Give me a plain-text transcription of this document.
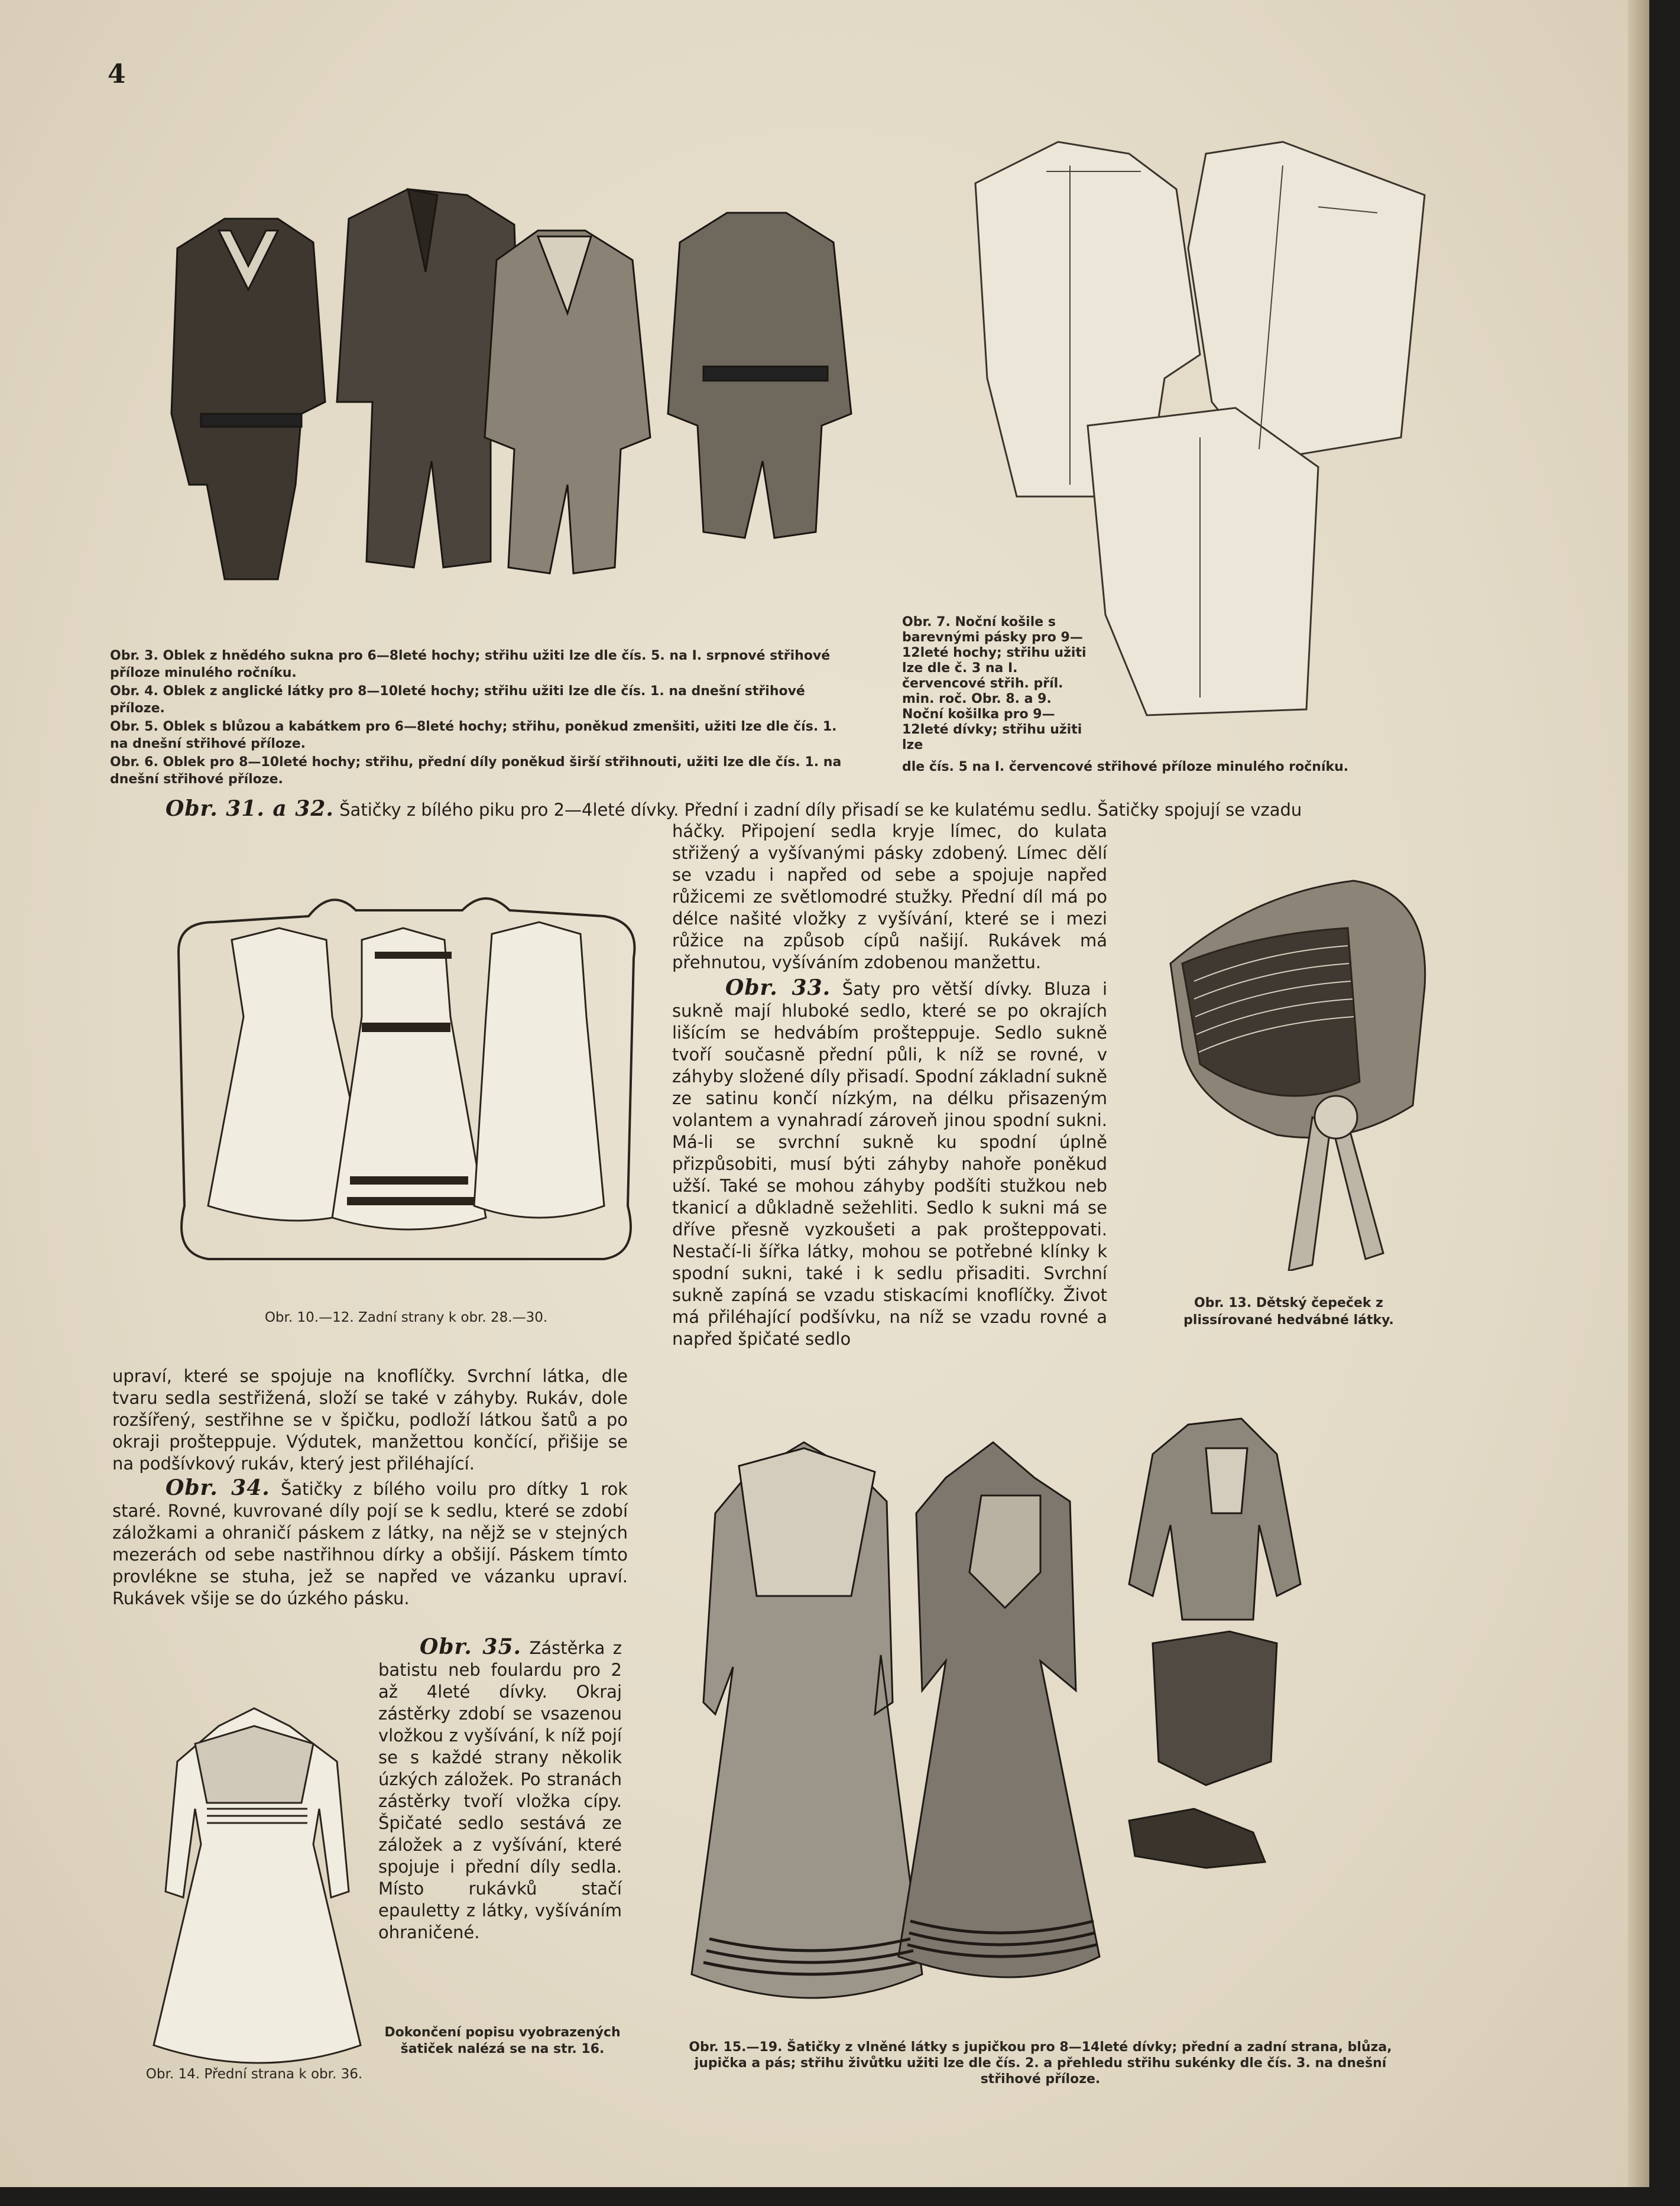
4

Obr. 3. Oblek z hnědého sukna pro 6—8leté hochy; střihu užiti lze dle čís. 5. na I. srpnové střihové příloze minulého ročníku.

Obr. 4. Oblek z anglické látky pro 8—10leté hochy; střihu užiti lze dle čís. 1. na dnešní střihové příloze.

Obr. 5. Oblek s blůzou a kabátkem pro 6—8leté hochy; střihu, poněkud zmenšiti, užiti lze dle čís. 1. na dnešní střihové příloze.

Obr. 6. Oblek pro 8—10leté hochy; střihu, přední díly poněkud širší střihnouti, užiti lze dle čís. 1. na dnešní střihové příloze.

Obr. 7. Noční košile s barevnými pásky pro 9—12leté hochy; střihu užiti lze dle č. 3 na I. červencové střih. příl. min. roč. Obr. 8. a 9. Noční košilka pro 9—12leté dívky; střihu užiti lze
dle čís. 5 na I. červencové střihové příloze minulého ročníku.
Obr. 31. a 32. Šatičky z bílého piku pro 2—4leté dívky. Přední i zadní díly přisadí se ke kulatému sedlu. Šatičky spojují se vzadu
Obr. 10.—12. Zadní strany k obr. 28.—30.

háčky. Připojení sedla kryje límec, do kulata střižený a vyšívanými pásky zdobený. Límec dělí se vzadu i napřed od sebe a spojuje napřed růžicemi ze světlomodré stužky. Přední díl má po délce našité vložky z vyšívání, které se i mezi růžice na způsob cípů našijí. Rukávek má přehnutou, vyšíváním zdobenou manžettu.

Obr. 33. Šaty pro větší dívky. Bluza i sukně mají hluboké sedlo, které se po okrajích lišícím se hedvábím prošteppuje. Sedlo sukně tvoří současně přední půli, k níž se rovné, v záhyby složené díly přisadí. Spodní základní sukně ze satinu končí nízkým, na délku přisazeným volantem a vynahradí zároveň jinou spodní sukni. Má-li se svrchní sukně ku spodní úplně přizpůsobiti, musí býti záhyby nahoře poněkud užší. Také se mohou záhyby podšíti stužkou neb tkanicí a důkladně sežehliti. Sedlo k sukni má se dříve přesně vyzkoušeti a pak prošteppovati. Nestačí-li šířka látky, mohou se potřebné klínky k spodní sukni, také i k sedlu přisaditi. Svrchní sukně zapíná se vzadu stiskacími knoflíčky. Život má přiléhající podšívku, na níž se vzadu rovné a napřed špičaté sedlo

Obr. 13. Dětský čepeček z plissírované hedvábné látky.

upraví, které se spojuje na knoflíčky. Svrchní látka, dle tvaru sedla sestřižená, složí se také v záhyby. Rukáv, dole rozšířený, sestřihne se v špičku, podloží látkou šatů a po okraji prošteppuje. Výdutek, manžettou končící, přišije se na podšívkový rukáv, který jest přiléhající.

Obr. 34. Šatičky z bílého voilu pro dítky 1 rok staré. Rovné, kuvrované díly pojí se k sedlu, které se zdobí záložkami a ohraničí páskem z látky, na nějž se v stejných mezerách od sebe nastřihnou dírky a obšijí. Páskem tímto provlékne se stuha, jež se napřed ve vázanku upraví. Rukávek všije se do úzkého pásku.

Obr. 35. Zástěrka z batistu neb foulardu pro 2 až 4leté dívky. Okraj zástěrky zdobí se vsazenou vložkou z vyšívání, k níž pojí se s každé strany několik úzkých záložek. Po stranách zástěrky tvoří vložka cípy. Špičaté sedlo sestává ze záložek a z vyšívání, které spojuje i přední díly sedla. Místo rukávků stačí epauletty z látky, vyšíváním ohraničené.

Obr. 14. Přední strana k obr. 36.
Dokončení popisu vyobrazených šatiček nalézá se na str. 16.	Obr. 15.—19. Šatičky z vlněné látky s jupičkou pro 8—14leté dívky; přední a zadní strana, blůza, jupička a pás; střihu živůtku užiti lze dle čís. 2. a přehledu střihu sukénky dle čís. 3. na dnešní střihové příloze.
